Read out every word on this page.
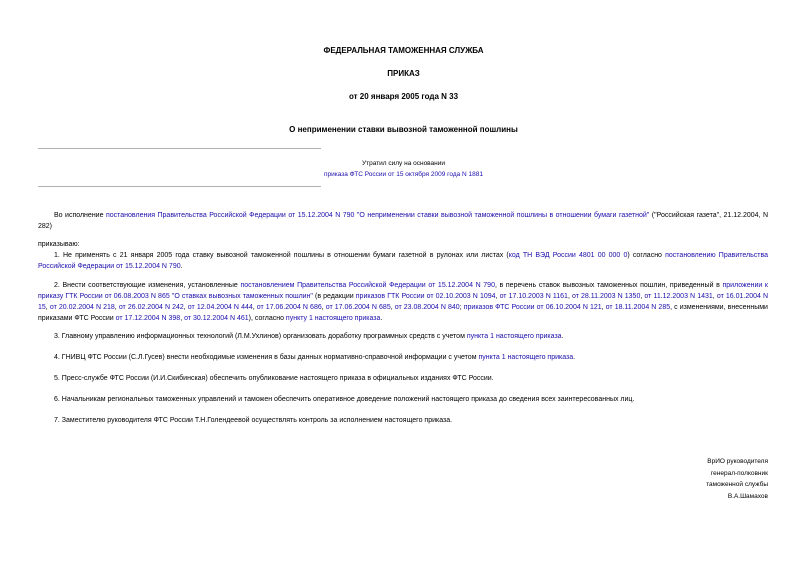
ФЕДЕРАЛЬНАЯ ТАМОЖЕННАЯ СЛУЖБА
ПРИКАЗ
от 20 января 2005 года N 33
О неприменении ставки вывозной таможенной пошлины
Утратил силу на основании
приказа ФТС России от 15 октября 2009 года N 1881
Во исполнение постановления Правительства Российской Федерации от 15.12.2004 N 790 "О неприменении ставки вывозной таможенной пошлины в отношении бумаги газетной" ("Российская газета", 21.12.2004, N 282)
приказываю:
1. Не применять с 21 января 2005 года ставку вывозной таможенной пошлины в отношении бумаги газетной в рулонах или листах (код ТН ВЭД России 4801 00 000 0) согласно постановлению Правительства Российской Федерации от 15.12.2004 N 790.
2. Внести соответствующие изменения, установленные постановлением Правительства Российской Федерации от 15.12.2004 N 790, в перечень ставок вывозных таможенных пошлин, приведенный в приложении к приказу ГТК России от 06.08.2003 N 865 "О ставках вывозных таможенных пошлин" (в редакции приказов ГТК России от 02.10.2003 N 1094, от 17.10.2003 N 1161, от 28.11.2003 N 1350, от 11.12.2003 N 1431, от 16.01.2004 N 15, от 20.02.2004 N 218, от 26.02.2004 N 242, от 12.04.2004 N 444, от 17.06.2004 N 686, от 17.06.2004 N 685, от 23.08.2004 N 840; приказов ФТС России от 06.10.2004 N 121, от 18.11.2004 N 285, с изменениями, внесенными приказами ФТС России от 17.12.2004 N 398, от 30.12.2004 N 461), согласно пункту 1 настоящего приказа.
3. Главному управлению информационных технологий (Л.М.Ухлинов) организовать доработку программных средств с учетом пункта 1 настоящего приказа.
4. ГНИВЦ ФТС России (С.Л.Гусев) внести необходимые изменения в базы данных нормативно-справочной информации с учетом пункта 1 настоящего приказа.
5. Пресс-службе ФТС России (И.И.Скибинская) обеспечить опубликование настоящего приказа в официальных изданиях ФТС России.
6. Начальникам региональных таможенных управлений и таможен обеспечить оперативное доведение положений настоящего приказа до сведения всех заинтересованных лиц.
7. Заместителю руководителя ФТС России Т.Н.Голендеевой осуществлять контроль за исполнением настоящего приказа.
ВрИО руководителя
генерал-полковник
таможенной службы
В.А.Шамахов
